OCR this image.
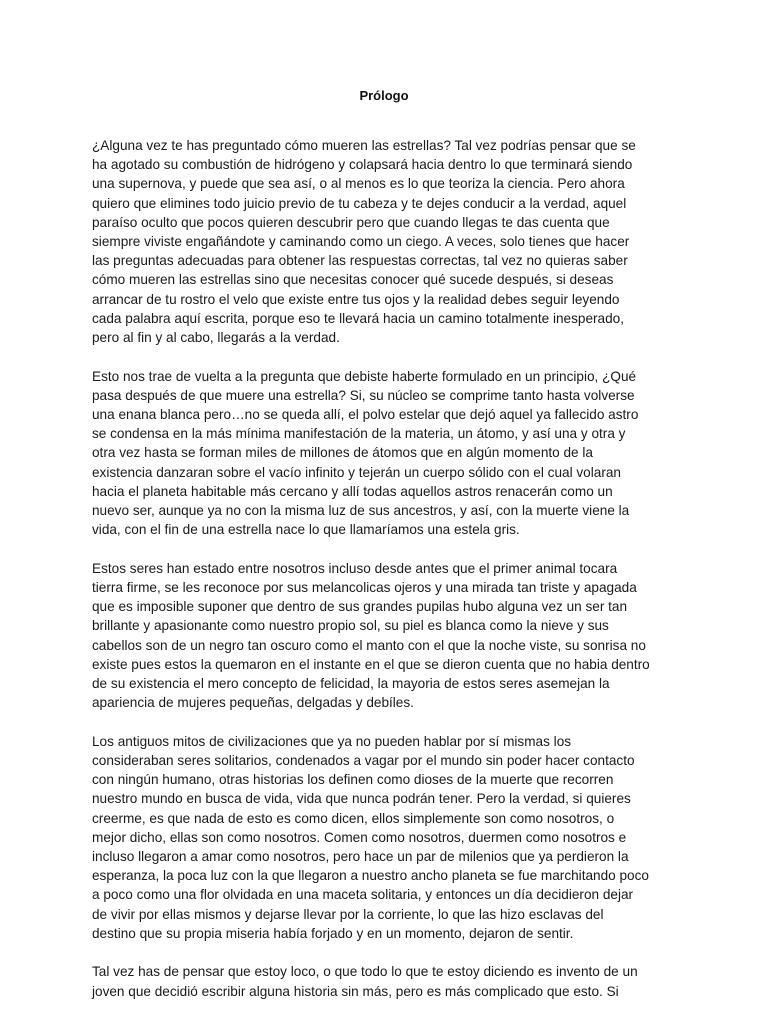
Prólogo

¿Alguna vez te has preguntado cómo mueren las estrellas? Tal vez podrías pensar que se
ha agotado su combustión de hidrógeno y colapsará hacia dentro lo que terminará siendo
una supernova, y puede que sea así, o al menos es lo que teoriza la ciencia. Pero ahora
quiero que elimines todo juicio previo de tu cabeza y te dejes conducir a la verdad, aquel
paraíso oculto que pocos quieren descubrir pero que cuando llegas te das cuenta que
siempre viviste engañándote y caminando como un ciego. A veces, solo tienes que hacer
las preguntas adecuadas para obtener las respuestas correctas, tal vez no quieras saber
cómo mueren las estrellas sino que necesitas conocer qué sucede después, si deseas
arrancar de tu rostro el velo que existe entre tus ojos y la realidad debes seguir leyendo
cada palabra aquí escrita, porque eso te llevará hacia un camino totalmente inesperado,
pero al fin y al cabo, llegarás a la verdad.

Esto nos trae de vuelta a la pregunta que debiste haberte formulado en un principio, ¿Qué
pasa después de que muere una estrella? Si, su núcleo se comprime tanto hasta volverse
una enana blanca pero…no se queda allí, el polvo estelar que dejó aquel ya fallecido astro
se condensa en la más mínima manifestación de la materia, un átomo, y así una y otra y
otra vez hasta se forman miles de millones de átomos que en algún momento de la
existencia danzaran sobre el vacío infinito y tejerán un cuerpo sólido con el cual volaran
hacia el planeta habitable más cercano y allí todas aquellos astros renacerán como un
nuevo ser, aunque ya no con la misma luz de sus ancestros, y así, con la muerte viene la
vida, con el fin de una estrella nace lo que llamaríamos una estela gris.

Estos seres han estado entre nosotros incluso desde antes que el primer animal tocara
tierra firme, se les reconoce por sus melancolicas ojeros y una mirada tan triste y apagada
que es imposible suponer que dentro de sus grandes pupilas hubo alguna vez un ser tan
brillante y apasionante como nuestro propio sol, su piel es blanca como la nieve y sus
cabellos son de un negro tan oscuro como el manto con el que la noche viste, su sonrisa no
existe pues estos la quemaron en el instante en el que se dieron cuenta que no habia dentro
de su existencia el mero concepto de felicidad, la mayoria de estos seres asemejan la
apariencia de mujeres pequeñas, delgadas y debíles.

Los antiguos mitos de civilizaciones que ya no pueden hablar por sí mismas los
consideraban seres solitarios, condenados a vagar por el mundo sin poder hacer contacto
con ningún humano, otras historias los definen como dioses de la muerte que recorren
nuestro mundo en busca de vida, vida que nunca podrán tener. Pero la verdad, si quieres
creerme, es que nada de esto es como dicen, ellos simplemente son como nosotros, o
mejor dicho, ellas son como nosotros. Comen como nosotros, duermen como nosotros e
incluso llegaron a amar como nosotros, pero hace un par de milenios que ya perdieron la
esperanza, la poca luz con la que llegaron a nuestro ancho planeta se fue marchitando poco
a poco como una flor olvidada en una maceta solitaria, y entonces un día decidieron dejar
de vivir por ellas mismos y dejarse llevar por la corriente, lo que las hizo esclavas del
destino que su propia miseria había forjado y en un momento, dejaron de sentir.

Tal vez has de pensar que estoy loco, o que todo lo que te estoy diciendo es invento de un
joven que decidió escribir alguna historia sin más, pero es más complicado que esto. Si
